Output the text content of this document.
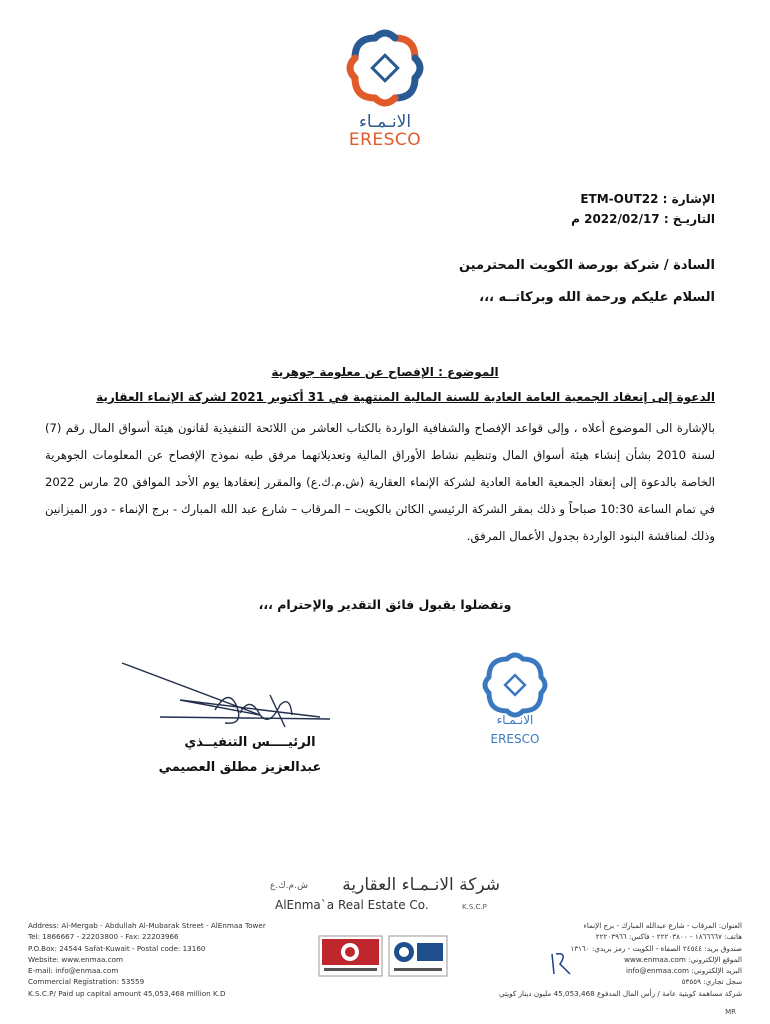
الانـمـاء
ERESCO
الإشارة : ETM-OUT22
التاريـخ : 2022/02/17 م
السادة / شركة بورصة الكويت المحترمين
السلام عليكم ورحمة الله وبركاتــه ،،،
الموضوع : الإفصاح عن معلومة جوهرية
الدعوة إلى إنعقاد الجمعية العامة العادية للسنة المالية المنتهية في 31 أكتوبر 2021 لشركة الإنماء العقارية
بالإشارة الى الموضوع أعلاه ، وإلى قواعد الإفصاح والشفافية الواردة بالكتاب العاشر من اللائحة التنفيذية لقانون هيئة أسواق المال رقم (7) لسنة 2010 بشأن إنشاء هيئة أسواق المال وتنظيم نشاط الأوراق المالية وتعديلاتهما مرفق طيه نموذج الإفصاح عن المعلومات الجوهرية الخاصة بالدعوة إلى إنعقاد الجمعية العامة العادية لشركة الإنماء العقارية (ش.م.ك.ع) والمقرر إنعقادها يوم الأحد الموافق 20 مارس 2022 في تمام الساعة 10:30 صباحاً و ذلك بمقر الشركة الرئيسي الكائن بالكويت – المرقاب – شارع عبد الله المبارك - برج الإنماء - دور الميزانين وذلك لمناقشة البنود الواردة بجدول الأعمال المرفق.
وتفضلوا بقبول فائق التقدير والإحترام ،،،
الرئيــــس التنفيــذي
عبدالعزيز مطلق العصيمي
الانـمـاء
ERESCO
شركة الانـمـاء العقارية
ش.م.ك.ع
AlEnma`a Real Estate Co.	K.S.C.P
Address: Al-Mergab - Abdullah Al-Mubarak Street - AlEnmaa Tower
Tel: 1866667 - 22203800 - Fax: 22203966
P.O.Box: 24544 Safat-Kuwait - Postal code: 13160
Website: www.enmaa.com
E-mail: info@enmaa.com
Commercial Registration: 53559
K.S.C.P/ Paid up capital amount 45,053,468 million K.D
العنوان: المرقاب - شارع عبدالله المبارك - برج الإنماء
هاتف: ١٨٦٦٦٦٧ - ٢٢٢٠٣٨٠٠ - فاكس: ٢٢٢٠٣٩٦٦
صندوق بريد: ٢٤٥٤٤ الصفاة - الكويت - رمز بريدي: ١٣١٦٠
الموقع الإلكتروني: www.enmaa.com
البريد الإلكتروني: info@enmaa.com
سجل تجاري: ٥٣٥٥٩
شركة مساهمة كويتية عامة / رأس المال المدفوع 45,053,468 مليون دينار كويتي
MR
